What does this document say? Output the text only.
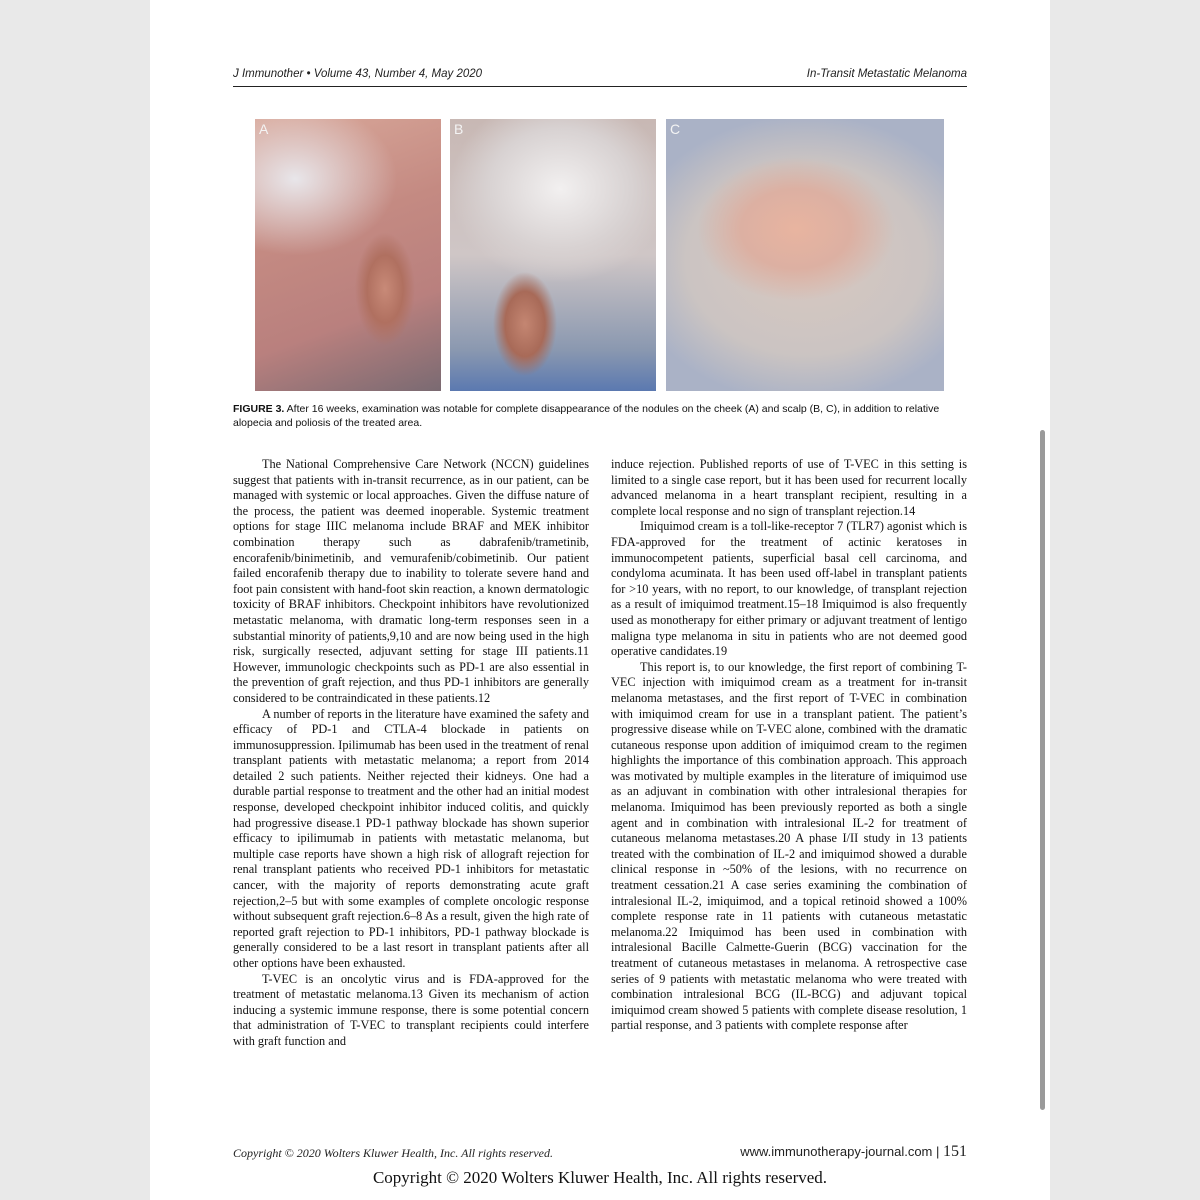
J Immunother • Volume 43, Number 4, May 2020	In-Transit Metastatic Melanoma
A	B	C
FIGURE 3. After 16 weeks, examination was notable for complete disappearance of the nodules on the cheek (A) and scalp (B, C), in addition to relative alopecia and poliosis of the treated area.

The National Comprehensive Care Network (NCCN) guidelines suggest that patients with in-transit recurrence, as in our patient, can be managed with systemic or local approaches. Given the diffuse nature of the process, the patient was deemed inoperable. Systemic treatment options for stage IIIC melanoma include BRAF and MEK inhibitor combination therapy such as dabrafenib/trametinib, encorafenib/binimetinib, and vemurafenib/cobimetinib. Our patient failed encorafenib therapy due to inability to tolerate severe hand and foot pain consistent with hand-foot skin reaction, a known dermatologic toxicity of BRAF inhibitors. Checkpoint inhibitors have revolutionized metastatic melanoma, with dramatic long-term responses seen in a substantial minority of patients,9,10 and are now being used in the high risk, surgically resected, adjuvant setting for stage III patients.11 However, immunologic checkpoints such as PD-1 are also essential in the prevention of graft rejection, and thus PD-1 inhibitors are generally considered to be contraindicated in these patients.12

A number of reports in the literature have examined the safety and efficacy of PD-1 and CTLA-4 blockade in patients on immunosuppression. Ipilimumab has been used in the treatment of renal transplant patients with metastatic melanoma; a report from 2014 detailed 2 such patients. Neither rejected their kidneys. One had a durable partial response to treatment and the other had an initial modest response, developed checkpoint inhibitor induced colitis, and quickly had progressive disease.1 PD-1 pathway blockade has shown superior efficacy to ipilimumab in patients with metastatic melanoma, but multiple case reports have shown a high risk of allograft rejection for renal transplant patients who received PD-1 inhibitors for metastatic cancer, with the majority of reports demonstrating acute graft rejection,2–5 but with some examples of complete oncologic response without subsequent graft rejection.6–8 As a result, given the high rate of reported graft rejection to PD-1 inhibitors, PD-1 pathway blockade is generally considered to be a last resort in transplant patients after all other options have been exhausted.

T-VEC is an oncolytic virus and is FDA-approved for the treatment of metastatic melanoma.13 Given its mechanism of action inducing a systemic immune response, there is some potential concern that administration of T-VEC to transplant recipients could interfere with graft function and

induce rejection. Published reports of use of T-VEC in this setting is limited to a single case report, but it has been used for recurrent locally advanced melanoma in a heart transplant recipient, resulting in a complete local response and no sign of transplant rejection.14

Imiquimod cream is a toll-like-receptor 7 (TLR7) agonist which is FDA-approved for the treatment of actinic keratoses in immunocompetent patients, superficial basal cell carcinoma, and condyloma acuminata. It has been used off-label in transplant patients for >10 years, with no report, to our knowledge, of transplant rejection as a result of imiquimod treatment.15–18 Imiquimod is also frequently used as monotherapy for either primary or adjuvant treatment of lentigo maligna type melanoma in situ in patients who are not deemed good operative candidates.19

This report is, to our knowledge, the first report of combining T-VEC injection with imiquimod cream as a treatment for in-transit melanoma metastases, and the first report of T-VEC in combination with imiquimod cream for use in a transplant patient. The patient’s progressive disease while on T-VEC alone, combined with the dramatic cutaneous response upon addition of imiquimod cream to the regimen highlights the importance of this combination approach. This approach was motivated by multiple examples in the literature of imiquimod use as an adjuvant in combination with other intralesional therapies for melanoma. Imiquimod has been previously reported as both a single agent and in combination with intralesional IL-2 for treatment of cutaneous melanoma metastases.20 A phase I/II study in 13 patients treated with the combination of IL-2 and imiquimod showed a durable clinical response in ~50% of the lesions, with no recurrence on treatment cessation.21 A case series examining the combination of intralesional IL-2, imiquimod, and a topical retinoid showed a 100% complete response rate in 11 patients with cutaneous metastatic melanoma.22 Imiquimod has been used in combination with intralesional Bacille Calmette-Guerin (BCG) vaccination for the treatment of cutaneous metastases in melanoma. A retrospective case series of 9 patients with metastatic melanoma who were treated with combination intralesional BCG (IL-BCG) and adjuvant topical imiquimod cream showed 5 patients with complete disease resolution, 1 partial response, and 3 patients with complete response after

Copyright © 2020 Wolters Kluwer Health, Inc. All rights reserved.	www.immunotherapy-journal.com | 151
Copyright © 2020 Wolters Kluwer Health, Inc. All rights reserved.
